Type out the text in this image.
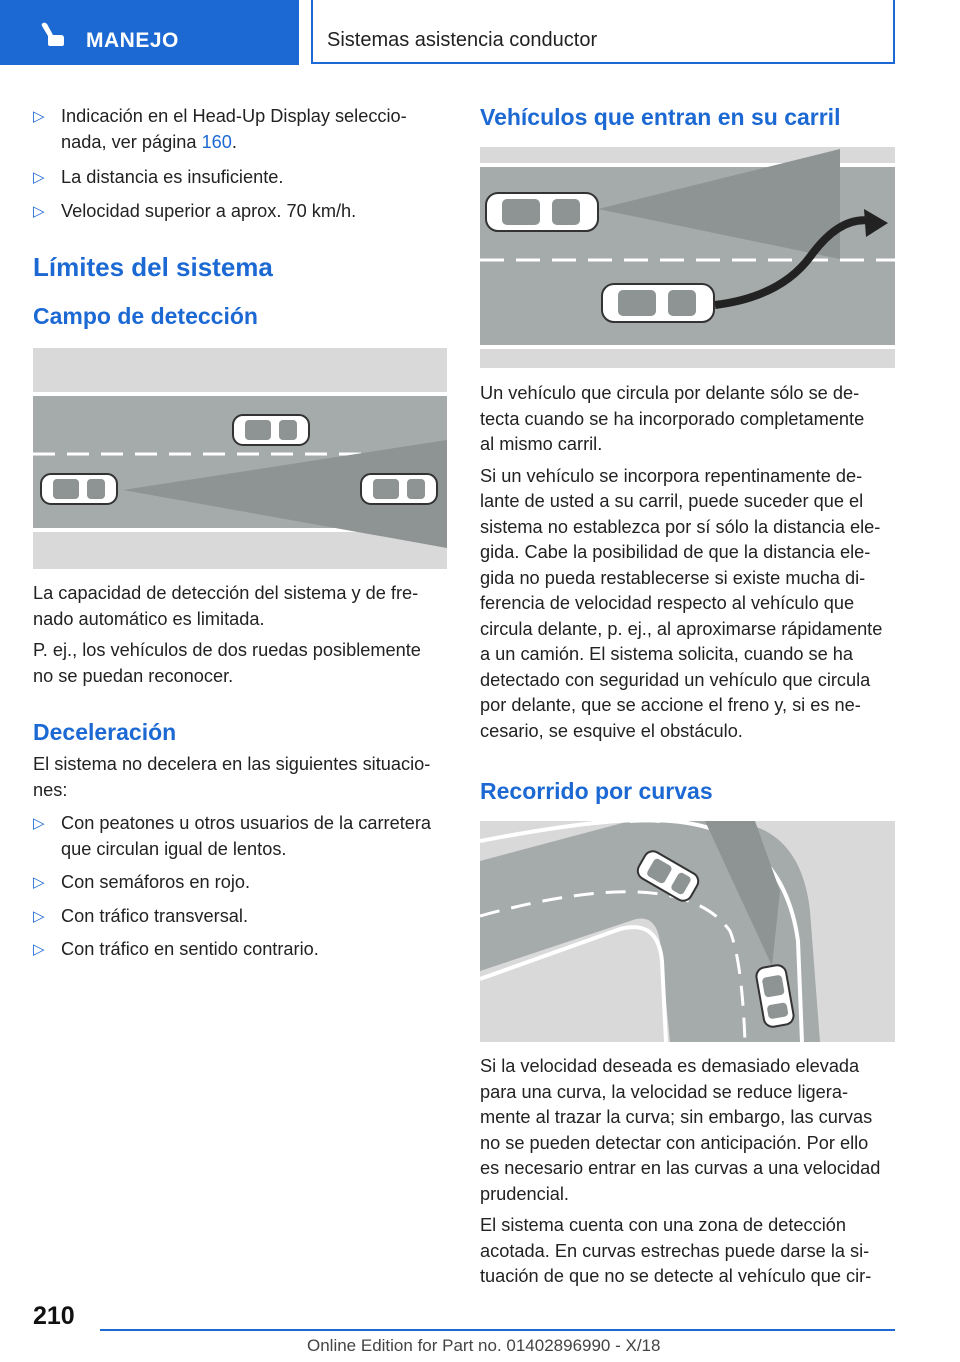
MANEJO	Sistemas asistencia conductor
▷ Indicación en el Head-Up Display seleccio‐
nada, ver página 160.
▷ La distancia es insuficiente.
▷ Velocidad superior a aprox. 70 km/h.
Límites del sistema
Campo de detección

La capacidad de detección del sistema y de fre‐
nado automático es limitada.

P. ej., los vehículos de dos ruedas posiblemente
no se puedan reconocer.

Deceleración

El sistema no decelera en las siguientes situacio‐
nes:

▷ Con peatones u otros usuarios de la carretera
que circulan igual de lentos.
▷ Con semáforos en rojo.
▷ Con tráfico transversal.
▷ Con tráfico en sentido contrario.
Vehículos que entran en su carril

Un vehículo que circula por delante sólo se de‐
tecta cuando se ha incorporado completamente
al mismo carril.

Si un vehículo se incorpora repentinamente de‐
lante de usted a su carril, puede suceder que el
sistema no establezca por sí sólo la distancia ele‐
gida. Cabe la posibilidad de que la distancia ele‐
gida no pueda restablecerse si existe mucha di‐
ferencia de velocidad respecto al vehículo que
circula delante, p. ej., al aproximarse rápidamente
a un camión. El sistema solicita, cuando se ha
detectado con seguridad un vehículo que circula
por delante, que se accione el freno y, si es ne‐
cesario, se esquive el obstáculo.

Recorrido por curvas

Si la velocidad deseada es demasiado elevada
para una curva, la velocidad se reduce ligera‐
mente al trazar la curva; sin embargo, las curvas
no se pueden detectar con anticipación. Por ello
es necesario entrar en las curvas a una velocidad
prudencial.

El sistema cuenta con una zona de detección
acotada. En curvas estrechas puede darse la si‐
tuación de que no se detecte al vehículo que cir‐

210
Online Edition for Part no. 01402896990 - X/18
